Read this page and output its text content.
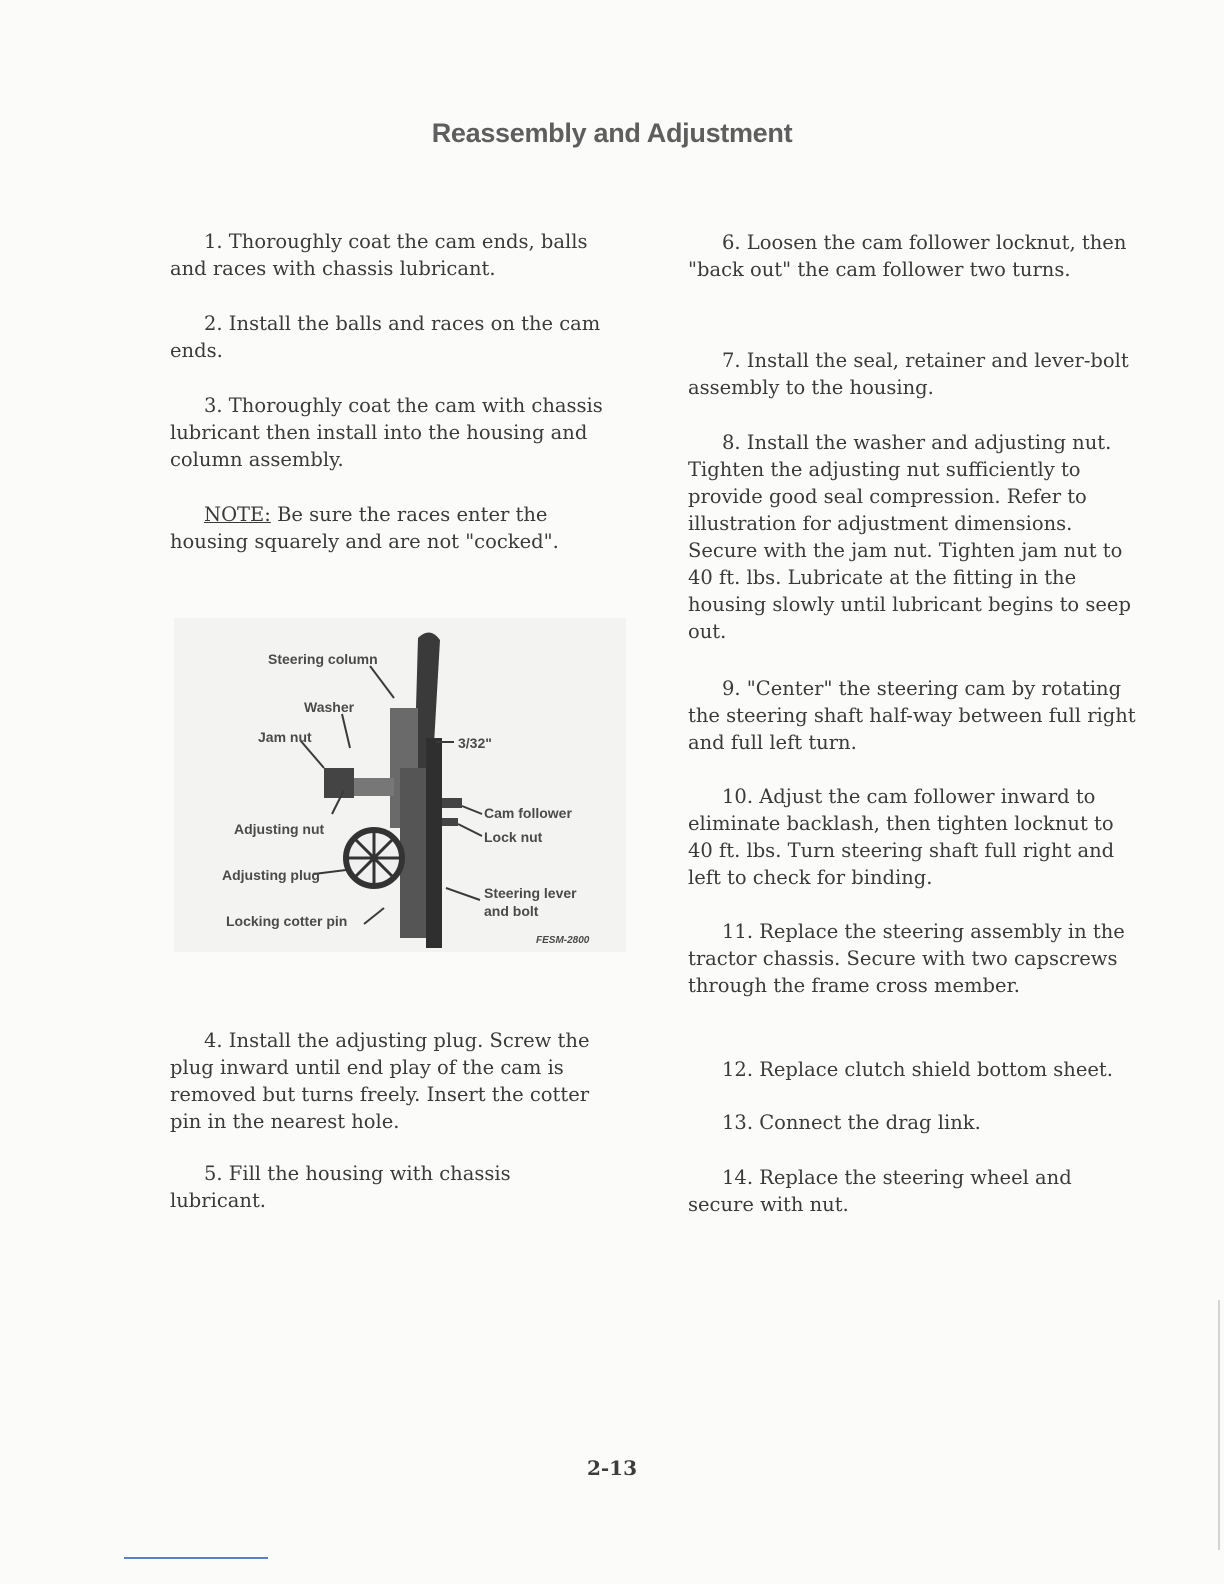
Reassembly and Adjustment

1. Thoroughly coat the cam ends, balls and races with chassis lubricant.

2. Install the balls and races on the cam ends.

3. Thoroughly coat the cam with chassis lubricant then install into the housing and column assembly.

NOTE: Be sure the races enter the housing squarely and are not "cocked".

4. Install the adjusting plug. Screw the plug inward until end play of the cam is removed but turns freely. Insert the cotter pin in the nearest hole.

5. Fill the housing with chassis lubricant.

Steering column
Washer
Jam nut	3/32"
Adjusting nut
Cam follower
Lock nut
Adjusting plug
Steering lever
and bolt
Locking cotter pin
FESM-2800

6. Loosen the cam follower locknut, then "back out" the cam follower two turns.

7. Install the seal, retainer and lever-bolt assembly to the housing.

8. Install the washer and adjusting nut. Tighten the adjusting nut sufficiently to provide good seal compression. Refer to illustration for adjustment dimensions. Secure with the jam nut. Tighten jam nut to 40 ft. lbs. Lubricate at the fitting in the housing slowly until lubricant begins to seep out.

9. "Center" the steering cam by rotating the steering shaft half-way between full right and full left turn.

10. Adjust the cam follower inward to eliminate backlash, then tighten locknut to 40 ft. lbs. Turn steering shaft full right and left to check for binding.

11. Replace the steering assembly in the tractor chassis. Secure with two capscrews through the frame cross member.

12. Replace clutch shield bottom sheet.

13. Connect the drag link.

14. Replace the steering wheel and secure with nut.

2-13
